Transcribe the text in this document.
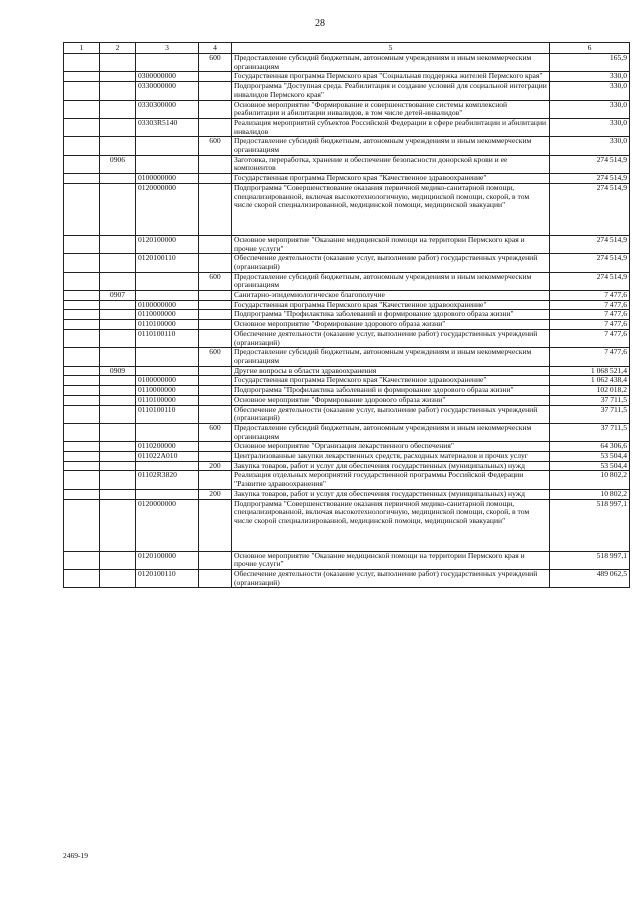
28
1	2	3	4	5	6
			600	Предоставление субсидий бюджетным, автономным учреждениям и иным некоммерческим организациям	165,9
		0300000000		Государственная программа Пермского края "Социальная поддержка жителей Пермского края"	330,0
		0330000000		Подпрограмма "Доступная среда. Реабилитация и создание условий для социальной интеграции инвалидов Пермского края"	330,0
		0330300000		Основное мероприятие "Формирование и совершенствование системы комплексной реабилитации и абилитации инвалидов, в том числе детей-инвалидов"	330,0
		03303R5140		Реализация мероприятий субъектов Российской Федерации в сфере реабилитации и абилитации инвалидов	330,0
			600	Предоставление субсидий бюджетным, автономным учреждениям и иным некоммерческим организациям	330,0
	0906			Заготовка, переработка, хранение и обеспечение безопасности донорской крови и ее компонентов	274 514,9
		0100000000		Государственная программа Пермского края "Качественное здравоохранение"	274 514,9
		0120000000		Подпрограмма "Совершенствование оказания первичной медико-санитарной помощи, специализированной, включая высокотехнологичную, медицинской помощи, скорой, в том числе скорой специализированной, медицинской помощи, медицинской эвакуации"	274 514,9
		0120100000		Основное мероприятие "Оказание медицинской помощи на территории Пермского края и прочие услуги"	274 514,9
		0120100110		Обеспечение деятельности (оказание услуг, выполнение работ) государственных учреждений (организаций)	274 514,9
			600	Предоставление субсидий бюджетным, автономным учреждениям и иным некоммерческим организациям	274 514,9
	0907			Санитарно-эпидемиологическое благополучие	7 477,6
		0100000000		Государственная программа Пермского края "Качественное здравоохранение"	7 477,6
		0110000000		Подпрограмма "Профилактика заболеваний и формирование здорового образа жизни"	7 477,6
		0110100000		Основное мероприятие "Формирование здорового образа жизни"	7 477,6
		0110100110		Обеспечение деятельности (оказание услуг, выполнение работ) государственных учреждений (организаций)	7 477,6
			600	Предоставление субсидий бюджетным, автономным учреждениям и иным некоммерческим организациям	7 477,6
	0909			Другие вопросы в области здравоохранения	1 068 521,4
		0100000000		Государственная программа Пермского края "Качественное здравоохранение"	1 062 438,4
		0110000000		Подпрограмма "Профилактика заболеваний и формирование здорового образа жизни"	102 018,2
		0110100000		Основное мероприятие "Формирование здорового образа жизни"	37 711,5
		0110100110		Обеспечение деятельности (оказание услуг, выполнение работ) государственных учреждений (организаций)	37 711,5
			600	Предоставление субсидий бюджетным, автономным учреждениям и иным некоммерческим организациям	37 711,5
		0110200000		Основное мероприятие "Организация лекарственного обеспечения"	64 306,6
		011022А010		Централизованные закупки лекарственных средств, расходных материалов и прочих услуг	53 504,4
			200	Закупка товаров, работ и услуг для обеспечения государственных (муниципальных) нужд	53 504,4
		01102R3820		Реализация отдельных мероприятий государственной программы Российской Федерации "Развитие здравоохранения"	10 802,2
			200	Закупка товаров, работ и услуг для обеспечения государственных (муниципальных) нужд	10 802,2
		0120000000		Подпрограмма "Совершенствование оказания первичной медико-санитарной помощи, специализированной, включая высокотехнологичную, медицинской помощи, скорой, в том числе скорой специализированной, медицинской помощи, медицинской эвакуации"	518 997,1
		0120100000		Основное мероприятие "Оказание медицинской помощи на территории Пермского края и прочие услуги"	518 997,1
		0120100110		Обеспечение деятельности (оказание услуг, выполнение работ) государственных учреждений (организаций)	489 062,5
2469-19
